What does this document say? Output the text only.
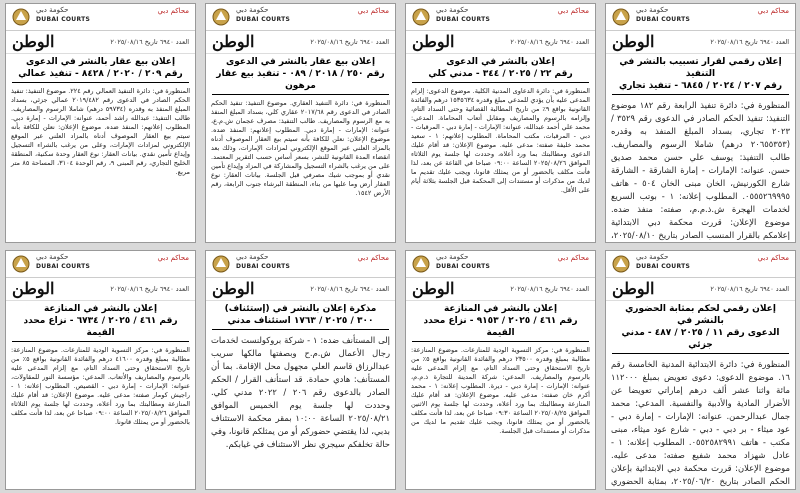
حكومة دبي
DUBAI COURTS
محاكم دبي
الوطن	العدد ٦٩٤٠ تاريخ ٢٠٢٥/٠٨/١٦
إعلان رقمي لقرار تسبيب بالنشر في التنفيذ
رقم ٢٠٧ / ٢٠٢٤ / ٦٨٤٥ - تنفيذ تجاري
المنظورة في: دائرة تنفيذ الرابعة رقم ١٨٢ موضوع التنفيذ: تنفيذ الحكم الصادر في الدعوى رقم ٣٥٢٩ / ٢٠٢٣ تجاري، بسداد المبلغ المنفذ به وقدره (٢٠٦٥٥٣٥٣ درهم) شاملا الرسوم والمصاريف. طالب التنفيذ: يوسف علي حسن محمد صديق حسن. عنوانه: الإمارات - إمارة الشارقة - الشارقة شارع الكورنيش، الخان مبنى الخان ٥٠٤ - هاتف ٠٥٥٥٢٦٩٩٩٥. المطلوب إعلانه: ١ - بوتب السريع لخدمات الهجرة ش.ذ.م.م، صفته: منفذ ضده. موضوع الإعلان: قررت محكمة دبي الابتدائية إعلامكم بالقرار المنسب الصادر بتاريخ ٢٠٢٥/٠٨/١٠،
حكومة دبي
DUBAI COURTS
محاكم دبي
الوطن	العدد ٦٩٤٠ تاريخ ٢٠٢٥/٠٨/١٦
إعلان بالنشر في الدعوى
رقم ٢٢ / ٢٠٢٥ / ٣٤٤ - مدني كلي
المنظورة في: دائرة الدعاوى المدنية الكلية. موضوع الدعوى: إلزام المدعى عليه بأن يؤدي للمدعي مبلغ وقدره ١٥٣٥٦٣٤ درهم والفائدة القانونية بواقع ٩٪ من تاريخ المطالبة القضائية وحتى السداد التام، وإلزامه بالرسوم والمصاريف ومقابل أتعاب المحاماة. المدعي: محمد علي أحمد عبدالله، عنوانه: الإمارات - إمارة دبي - المرقبات - دبي - المرقبات، مكتب المحاماة. المطلوب إعلانهم: ١ - سعيد محمد خليفة صفته: مدعى عليه. موضوع الإعلان: قد أقام عليك الدعوى ومطالبتك بما ورد أعلاه، وحددت لها جلسة يوم الثلاثاء الموافق ٢٠٢٥/٠٨/٢٦ الساعة ٠٩:٠٠ صباحا في القاعة عن بعد، لذا فأنت مكلف بالحضور أو من يمثلك قانونا، ويجب عليك تقديم ما لديك من مذكرات أو مستندات إلى المحكمة قبل الجلسة بثلاثة أيام على الأقل.
حكومة دبي
DUBAI COURTS
محاكم دبي
الوطن	العدد ٦٩٤٠ تاريخ ٢٠٢٥/٠٨/١٦
إعلان بيع عقار بالنشر في الدعوى
رقم ٢٥٠ / ٢٠١٨ / ٠٨٩ - تنفيذ بيع عقار مرهون
المنظورة في: دائرة التنفيذ العقاري. موضوع التنفيذ: تنفيذ الحكم الصادر في الدعوى رقم ٢٠١٧/٦٨ عقاري كلي، بسداد المبلغ المنفذ به مع الرسوم والمصاريف. طالب التنفيذ: مصرف عجمان ش.م.ع، عنوانه: الإمارات - إمارة دبي. المطلوب إعلانهم: المنفذ ضده. موضوع الإعلان: نعلن للكافة بأنه سيتم بيع العقار الموصوف أدناه بالمزاد العلني عبر الموقع الإلكتروني لمزادات الإمارات، وذلك بعد انقضاء المدة القانونية للنشر، بسعر أساس حسب التقرير المعتمد. على من يرغب بالشراء التسجيل والمشاركة في المزاد وإيداع تأمين نقدي أو بموجب شيك مصرفي قبل الجلسة. بيانات العقار: نوع العقار أرض وما عليها من بناء، المنطقة البرشاء جنوب الرابعة، رقم الأرض ١٥٤٢.
حكومة دبي
DUBAI COURTS
محاكم دبي
الوطن	العدد ٦٩٤٠ تاريخ ٢٠٢٥/٠٨/١٦
إعلان بيع عقار بالنشر في الدعوى
رقم ٢٠٩ / ٢٠٢٠ / ٨٤٢٨ - تنفيذ عمالي
المنظورة في: دائرة التنفيذ العمالي رقم ٢٢٤. موضوع التنفيذ: تنفيذ الحكم الصادر في الدعوى رقم ٢٠١٩/٤٨٢ عمالي جزئي، بسداد المبلغ المنفذ به وقدره (٥٩٧٣٤ درهم) شاملا الرسوم والمصاريف. طالب التنفيذ: عبدالله راشد أحمد، عنوانه: الإمارات - إمارة دبي. المطلوب إعلانهم: المنفذ ضده. موضوع الإعلان: نعلن للكافة بأنه سيتم بيع العقار الموصوف أدناه بالمزاد العلني عبر الموقع الإلكتروني لمزادات الإمارات، وعلى من يرغب بالشراء التسجيل وإيداع تأمين نقدي. بيانات العقار: نوع العقار وحدة سكنية، المنطقة الخليج التجاري، رقم المبنى ٩، رقم الوحدة ٣١٠٤، المساحة ٨٥ متر مربع.
حكومة دبي
DUBAI COURTS
محاكم دبي
الوطن	العدد ٦٩٤٠ تاريخ ٢٠٢٥/٠٨/١٦
إعلان رقمي لحكم بمثابة الحضوري بالنشر في
الدعوى رقم ١١ / ٢٠٢٥ / ٤٨٧ - مدني جزئي
المنظورة في: دائرة الابتدائية المدنية الخامسة رقم ١٦. موضوع الدعوى: دعوى تعويض بمبلغ ١١٢٠٠٠ مائة واثنا عشر ألف درهم إماراتي تعويضا عن الأضرار المادية والأدبية والنفسية. المدعي: محمد جمال عبدالرحمن. عنوانه: الإمارات - إمارة دبي - عود ميثاء - بر دبي - دبي - شارع عود ميثاء، مبنى مكتب - هاتف ٠٥٥٢٥٨٢٩٩١. المطلوب إعلانه: ١ - عادل شهزاد محمد شفيع صفته: مدعى عليه. موضوع الإعلان: قررت محكمة دبي الابتدائية بإعلان الحكم الصادر بتاريخ ٢٠٢٥/٠٦/٢٠، بمثابة الحضوري
حكومة دبي
DUBAI COURTS
محاكم دبي
الوطن	العدد ٦٩٤٠ تاريخ ٢٠٢٥/٠٨/١٦
إعلان بالنشر في المنازعة
رقم ٤٦١ / ٢٠٢٥ / ٩١٥٣ - نزاع محدد القيمة
المنظورة في: مركز التسوية الودية للمنازعات. موضوع المنازعة: مطالبة بمبلغ وقدره ٢٣٥٠٠ درهم والفائدة القانونية بواقع ٥٪ من تاريخ الاستحقاق وحتى السداد التام، مع إلزام المدعى عليه بالرسوم والمصاريف. المدعي: شركة المدينة للتجارة ذ.م.م، عنوانه: الإمارات - إمارة دبي - ديرة. المطلوب إعلانه: ١ - محمد أكرم خان صفته: مدعى عليه. موضوع الإعلان: قد أقام عليك المنازعة ومطالبتك بما ورد أعلاه، وحددت لها جلسة يوم الاثنين الموافق ٢٠٢٥/٠٨/٢٥ الساعة ٠٩:٣٠ صباحا عن بعد، لذا فأنت مكلف بالحضور أو من يمثلك قانونا، ويجب عليك تقديم ما لديك من مذكرات أو مستندات قبل الجلسة.
حكومة دبي
DUBAI COURTS
محاكم دبي
الوطن	العدد ٦٩٤٠ تاريخ ٢٠٢٥/٠٨/١٦
مذكرة إعلان بالنشر في (إستئناف)
٣٠٠ / ٢٠٢٥ / ١٧٦٣ استئناف مدني
إلى المستأنف ضده: ١ - شركة بروكولنست لخدمات رجال الأعمال ش.م.ح وبصفتها مالكها سريب عبدالرزاق قاسم العلي مجهول محل الإقامة. بما أن المستأنف: هادي حمادة. قد استأنف القرار / الحكم الصادر بالدعوى رقم ٢٠٦ / ٢٠٢٢ مدني كلي. وحددت لها جلسة يوم الخميس الموافق ٢٠٢٥/٠٨/٢١ الساعة ١٠:٠٠ بمقر محكمة الاستئناف بدبي، لذا يقتضي حضوركم أو من يمثلكم قانونا، وفي حالة تخلفكم سيجري نظر الاستئناف في غيابكم.
حكومة دبي
DUBAI COURTS
محاكم دبي
الوطن	العدد ٦٩٤٠ تاريخ ٢٠٢٥/٠٨/١٦
إعلان بالنشر في المنازعة
رقم ٤٦١ / ٢٠٢٥ / ٦٧٣٤ - نزاع محدد القيمة
المنظورة في: مركز التسوية الودية للمنازعات. موضوع المنازعة: مطالبة بمبلغ وقدره ٤١٦٠٠ درهم والفائدة القانونية بواقع ٥٪ من تاريخ الاستحقاق وحتى السداد التام، مع إلزام المدعى عليه بالرسوم والمصاريف والأتعاب. المدعي: مؤسسة النور للمقاولات، عنوانه: الإمارات - إمارة دبي - القصيص. المطلوب إعلانه: ١ - راجيش كومار صفته: مدعى عليه. موضوع الإعلان: قد أقام عليك المنازعة ومطالبتك بما ورد أعلاه، وحددت لها جلسة يوم الثلاثاء الموافق ٢٠٢٥/٠٨/٢٦ الساعة ٠٩:٠٠ صباحا عن بعد، لذا فأنت مكلف بالحضور أو من يمثلك قانونا.
